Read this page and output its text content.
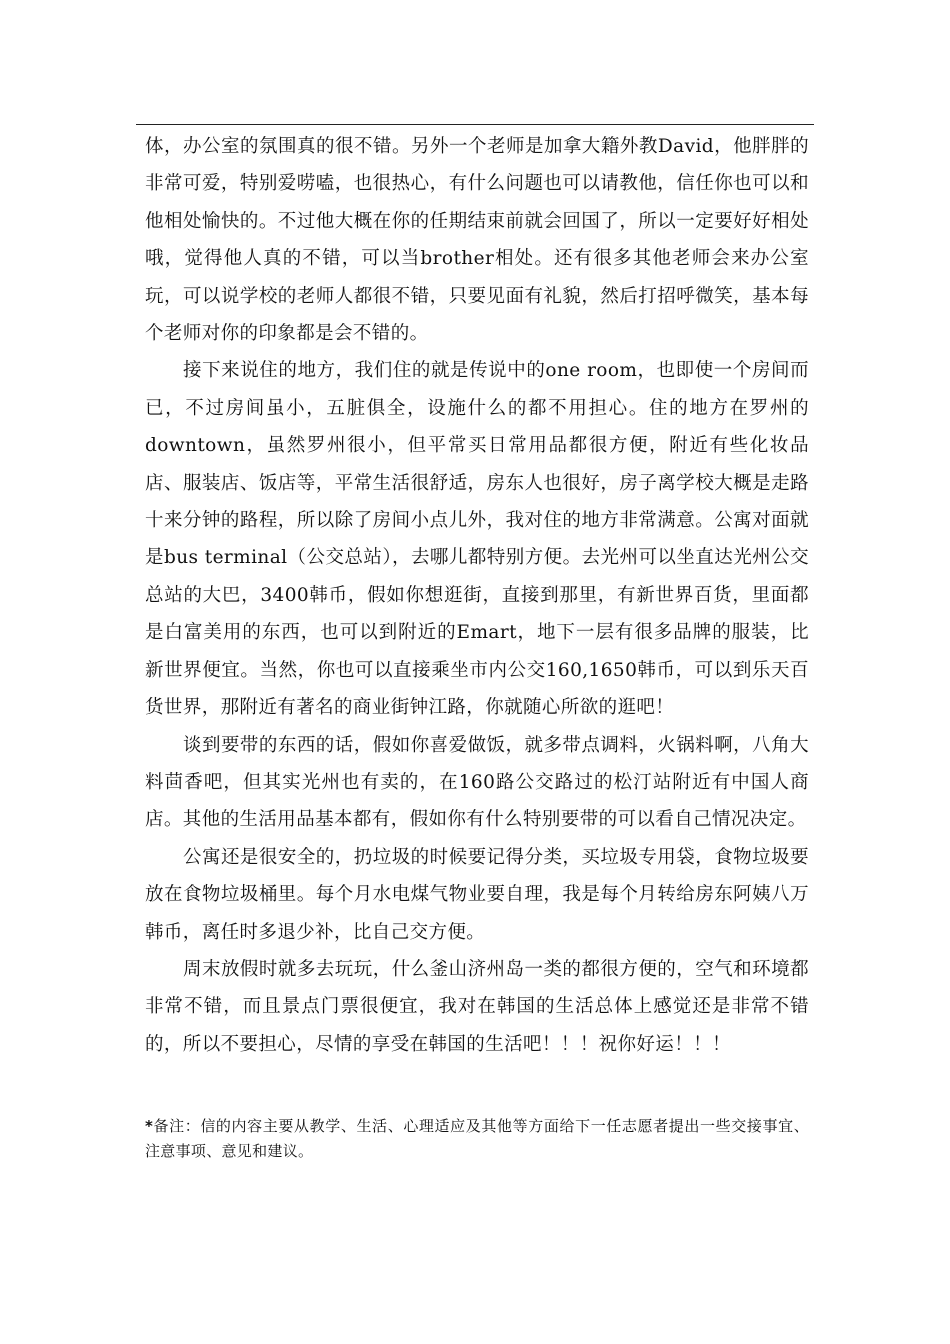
体，办公室的氛围真的很不错。另外一个老师是加拿大籍外教David，他胖胖的非常可爱，特别爱唠嗑，也很热心，有什么问题也可以请教他，信任你也可以和他相处愉快的。不过他大概在你的任期结束前就会回国了，所以一定要好好相处哦，觉得他人真的不错，可以当brother相处。还有很多其他老师会来办公室玩，可以说学校的老师人都很不错，只要见面有礼貌，然后打招呼微笑，基本每个老师对你的印象都是会不错的。

接下来说住的地方，我们住的就是传说中的one room，也即使一个房间而已，不过房间虽小，五脏俱全，设施什么的都不用担心。住的地方在罗州的downtown，虽然罗州很小，但平常买日常用品都很方便，附近有些化妆品店、服装店、饭店等，平常生活很舒适，房东人也很好，房子离学校大概是走路十来分钟的路程，所以除了房间小点儿外，我对住的地方非常满意。公寓对面就是bus terminal（公交总站），去哪儿都特别方便。去光州可以坐直达光州公交总站的大巴，3400韩币，假如你想逛街，直接到那里，有新世界百货，里面都是白富美用的东西，也可以到附近的Emart，地下一层有很多品牌的服装，比新世界便宜。当然，你也可以直接乘坐市内公交160,1650韩币，可以到乐天百货世界，那附近有著名的商业街钟江路，你就随心所欲的逛吧！

谈到要带的东西的话，假如你喜爱做饭，就多带点调料，火锅料啊，八角大料茴香吧，但其实光州也有卖的，在160路公交路过的松汀站附近有中国人商店。其他的生活用品基本都有，假如你有什么特别要带的可以看自己情况决定。

公寓还是很安全的，扔垃圾的时候要记得分类，买垃圾专用袋，食物垃圾要放在食物垃圾桶里。每个月水电煤气物业要自理，我是每个月转给房东阿姨八万韩币，离任时多退少补，比自己交方便。

周末放假时就多去玩玩，什么釜山济州岛一类的都很方便的，空气和环境都非常不错，而且景点门票很便宜，我对在韩国的生活总体上感觉还是非常不错的，所以不要担心，尽情的享受在韩国的生活吧！！！祝你好运！！！

*备注：信的内容主要从教学、生活、心理适应及其他等方面给下一任志愿者提出一些交接事宜、注意事项、意见和建议。
